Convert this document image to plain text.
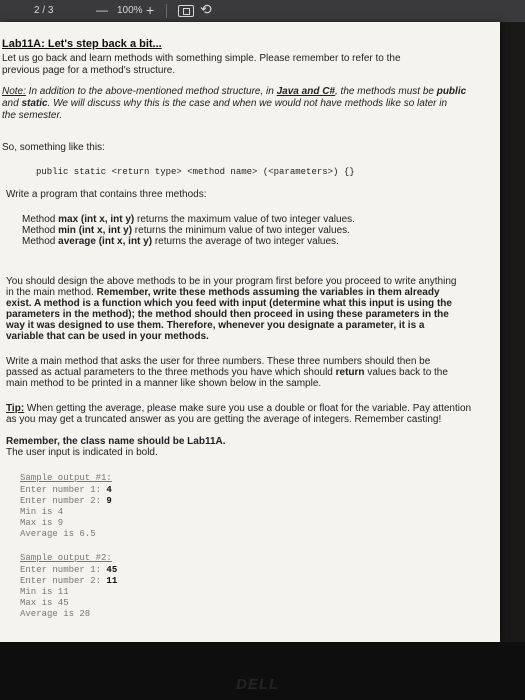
2 / 3	— 100% +	⟲
Lab11A: Let's step back a bit...
Let us go back and learn methods with something simple. Please remember to refer to the
previous page for a method's structure.
Note: In addition to the above-mentioned method structure, in Java and C#, the methods must be public
and static. We will discuss why this is the case and when we would not have methods like so later in
the semester.
So, something like this:
public static <return type> <method name> (<parameters>) {}
Write a program that contains three methods:
Method max (int x, int y) returns the maximum value of two integer values.
Method min (int x, int y) returns the minimum value of two integer values.
Method average (int x, int y) returns the average of two integer values.
You should design the above methods to be in your program first before you proceed to write anything
in the main method. Remember, write these methods assuming the variables in them already
exist. A method is a function which you feed with input (determine what this input is using the
parameters in the method); the method should then proceed in using these parameters in the
way it was designed to use them. Therefore, whenever you designate a parameter, it is a
variable that can be used in your methods.
Write a main method that asks the user for three numbers. These three numbers should then be
passed as actual parameters to the three methods you have which should return values back to the
main method to be printed in a manner like shown below in the sample.
Tip: When getting the average, please make sure you use a double or float for the variable. Pay attention
as you may get a truncated answer as you are getting the average of integers. Remember casting!
Remember, the class name should be Lab11A.
The user input is indicated in bold.
Sample output #1:
Enter number 1: 4
Enter number 2: 9
Min is 4
Max is 9
Average is 6.5
Sample output #2:
Enter number 1: 45
Enter number 2: 11
Min is 11
Max is 45
Average is 28
DELL
